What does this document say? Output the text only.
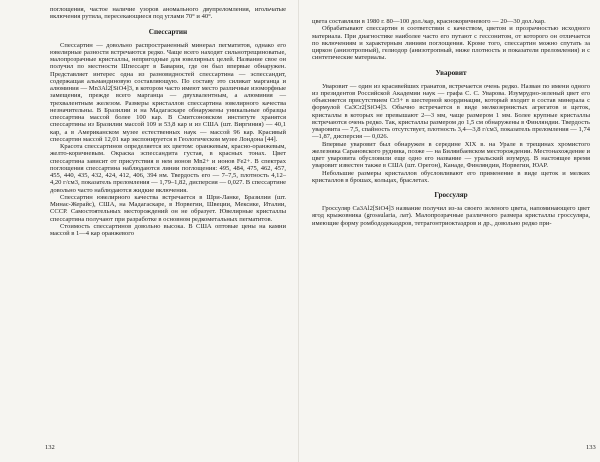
поглощения, частое наличие узоров аномального двупреломления, игольчатые включения рутила, пересекающиеся под углами 70° и 40°.

Спессартин

Спессартин — довольно распространенный минерал пегматитов, однако его ювелирные разности встречаются редко. Чаще всего находят сильнотрещиноватые, малопрозрачные кристаллы, непригодные для ювелирных целей. Название свое он получил по местности Шпессарт в Баварии, где он был впервые обнаружен. Представляет интерес одна из разновидностей спессартина — эспессандит, содержащая альмандиновую составляющую. По составу это силикат марганца и алюминия — Mn3Al2[SiO4]3, в котором часто имеют место различные изоморфные замещения, прежде всего марганца — двухвалентным, а алюминия — трехвалентным железом. Размеры кристаллов спессартина ювелирного качества незначительны. В Бразилии и на Мадагаскаре обнаружены уникальные образцы спессартина массой более 100 кар. В Смитсоновском институте хранятся спессартины из Бразилии массой 109 и 53,8 кар и из США (шт. Виргиния) — 40,1 кар, а в Американском музее естественных наук — массой 96 кар. Красивый спессартин массой 12,01 кар экспонируется в Геологическом музее Лондона [44].

Красота спессартинов определяется их цветом: оранжевым, красно-оранжевым, желто-коричневым. Окраска эспессандита густая, в красных тонах. Цвет спессартина зависит от присутствия в нем ионов Mn2+ и ионов Fe2+. В спектрах поглощения спессартина наблюдаются линии поглощения: 495, 484, 475, 462, 457, 455, 440, 435, 432, 424, 412, 406, 394 нм. Твердость его — 7–7,5, плотность 4,12–4,20 г/см3, показатель преломления — 1,79–1,82, дисперсия — 0,027. В спессартине довольно часто наблюдаются жидкие включения.

Спессартин ювелирного качества встречается в Шри-Ланке, Бразилии (шт. Минас-Жерайс), США, на Мадагаскаре, в Норвегии, Швеции, Мексике, Италии, СССР. Самостоятельных месторождений он не образует. Ювелирные кристаллы спессартина получают при разработке в основном редкометальных пегматитов.

Стоимость спессартинов довольно высока. В США оптовые цены на камни массой в 1—4 кар оранжевого

132

цвета составляли в 1980 г. 80—100 дол./кар, краснокоричневого — 20—30 дол./кар.

Обрабатывают спессартин в соответствии с качеством, цветом и прозрачностью исходного материала. При диагностике наиболее часто его путают с гессонитом, от которого он отличается по включениям и характерным линиям поглощения. Кроме того, спессартин можно спутать за циркон (анизотропный), гелиодор (анизотропный, ниже плотность и показатели преломления) и с синтетические материалы.

Уваровит

Уваровит — один из красивейших гранатов, встречается очень редко. Назван по имени одного из президентов Российской Академии наук — графа С. С. Уварова. Изумрудно-зеленый цвет его объясняется присутствием Cr3+ в шестерной координации, который входит в состав минерала с формулой Ca3Cr2[SiO4]3. Обычно встречается в виде мелкозернистых агрегатов и щеток, кристаллы в которых не превышают 2—3 мм, чаще размером 1 мм. Более крупные кристаллы встречаются очень редко. Так, кристаллы размером до 1,5 см обнаружены в Финляндии. Твердость уваровита — 7,5, спайность отсутствует, плотность 3,4—3,8 г/см3, показатель преломления — 1,74—1,87, дисперсия — 0,026.

Впервые уваровит был обнаружен в середине XIX в. на Урале в трещинах хромистого железняка Сарановского рудника, позже — на Биляибаевском месторождении. Местонахождение и цвет уваровита обусловили еще одно его название — уральский изумруд. В настоящее время уваровит известен также в США (шт. Орегон), Канаде, Финляндии, Норвегии, ЮАР.

Небольшие размеры кристаллов обусловливают его применение в виде щеток и мелких кристаллов в брошах, кольцах, браслетах.

Гроссуляр

Гроссуляр Ca3Al2[SiO4]3 название получил из-за своего зеленого цвета, напоминающего цвет ягод крыжовника (grossularia, лат). Малопрозрачные различного размера кристаллы гроссуляра, имеющие форму ромбододекаэдров, тетрагонтриоктаэдров и др., довольно редко при-

133
